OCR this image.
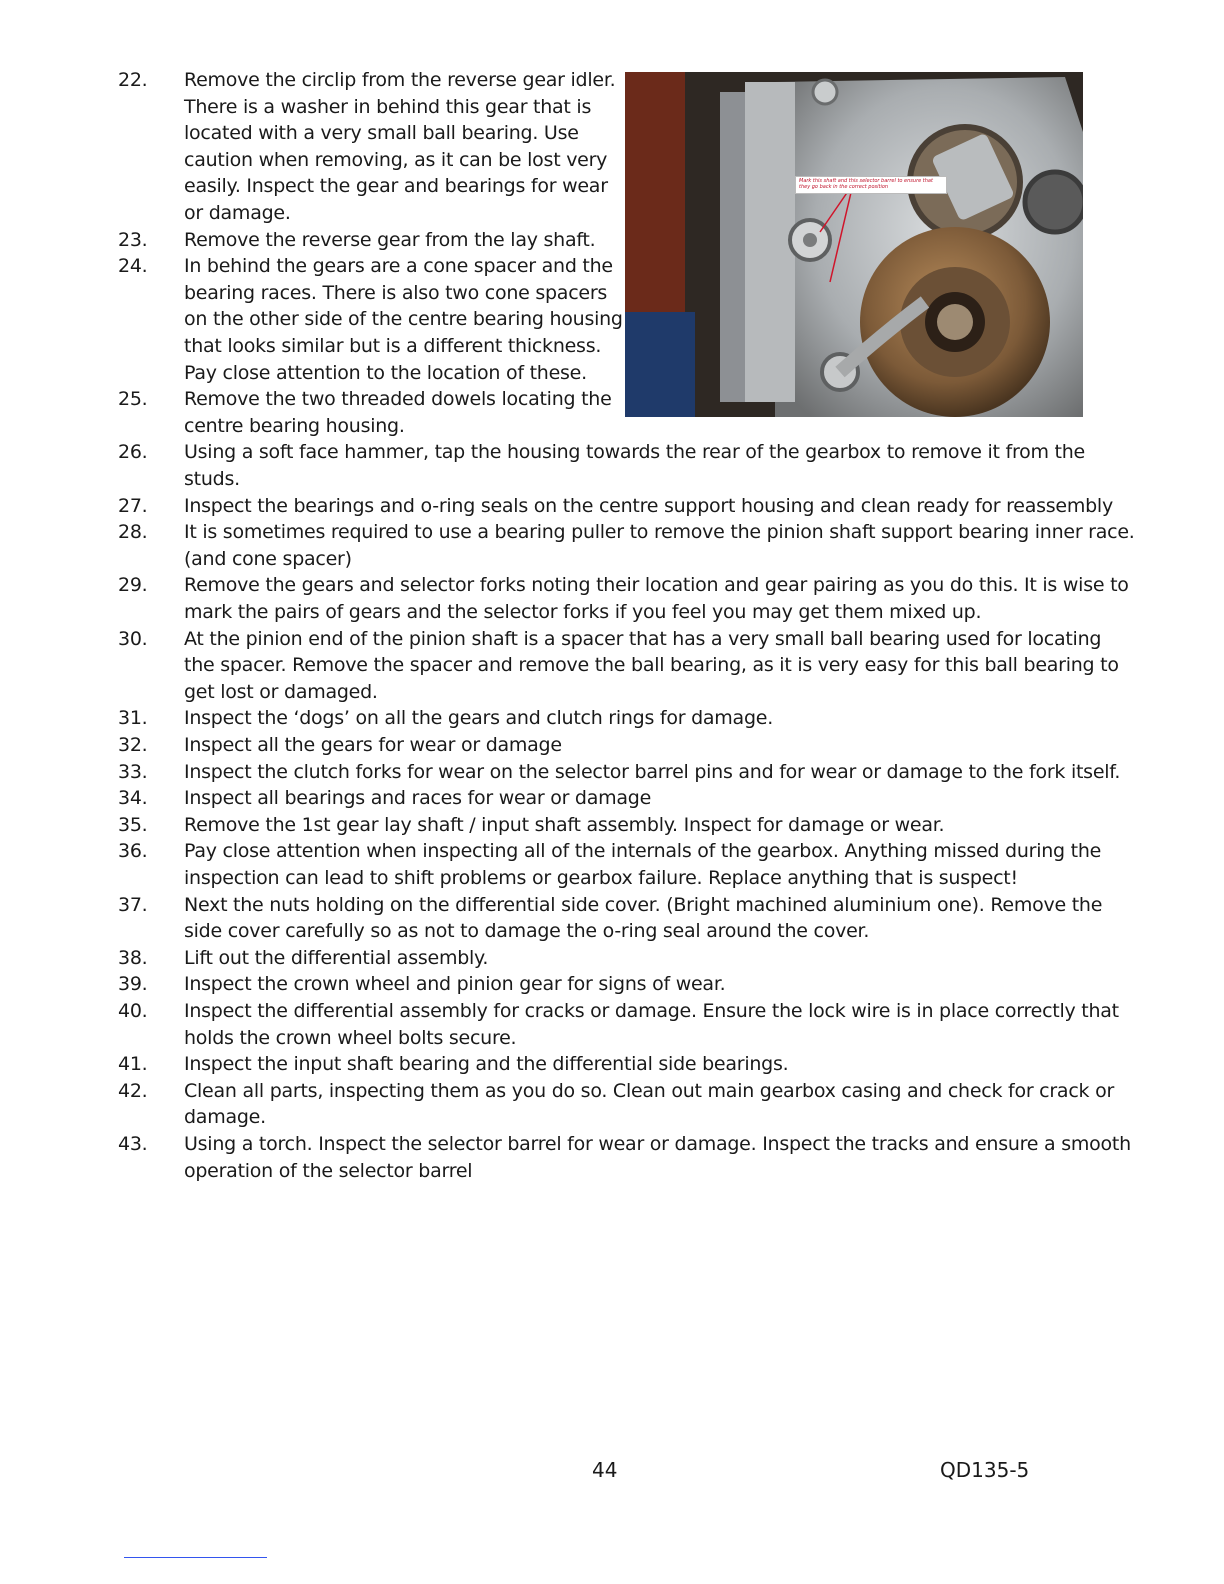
22.	Remove the circlip from the reverse gear idler.
There is a washer in behind this gear that is
located with a very small ball bearing. Use
caution when removing, as it can be lost very
easily. Inspect the gear and bearings for wear
or damage.
23.	Remove the reverse gear from the lay shaft.
24.	In behind the gears are a cone spacer and the
bearing races. There is also two cone spacers
on the other side of the centre bearing housing
that looks similar but is a different thickness.
Pay close attention to the location of these.
25.	Remove the two threaded dowels locating the
centre bearing housing.
26.	Using a soft face hammer, tap the housing towards the rear of the gearbox to remove it from the
studs.
27.	Inspect the bearings and o-ring seals on the centre support housing and clean ready for reassembly
28.	It is sometimes required to use a bearing puller to remove the pinion shaft support bearing inner race.
(and cone spacer)
29.	Remove the gears and selector forks noting their location and gear pairing as you do this. It is wise to
mark the pairs of gears and the selector forks if you feel you may get them mixed up.
30.	At the pinion end of the pinion shaft is a spacer that has a very small ball bearing used for locating
the spacer. Remove the spacer and remove the ball bearing, as it is very easy for this ball bearing to
get lost or damaged.
31.	Inspect the ‘dogs’ on all the gears and clutch rings for damage.
32.	Inspect all the gears for wear or damage
33.	Inspect the clutch forks for wear on the selector barrel pins and for wear or damage to the fork itself.
34.	Inspect all bearings and races for wear or damage
35.	Remove the 1st gear lay shaft / input shaft assembly. Inspect for damage or wear.
36.	Pay close attention when inspecting all of the internals of the gearbox. Anything missed during the
inspection can lead to shift problems or gearbox failure. Replace anything that is suspect!
37.	Next the nuts holding on the differential side cover. (Bright machined aluminium one). Remove the
side cover carefully so as not to damage the o-ring seal around the cover.
38.	Lift out the differential assembly.
39.	Inspect the crown wheel and pinion gear for signs of wear.
40.	Inspect the differential assembly for cracks or damage. Ensure the lock wire is in place correctly that
holds the crown wheel bolts secure.
41.	Inspect the input shaft bearing and the differential side bearings.
42.	Clean all parts, inspecting them as you do so. Clean out main gearbox casing and check for crack or
damage.
43.	Using a torch. Inspect the selector barrel for wear or damage. Inspect the tracks and ensure a smooth
operation of the selector barrel
Mark this shaft and this selector barrel to ensure that they go back in the correct position
44	QD135-5
